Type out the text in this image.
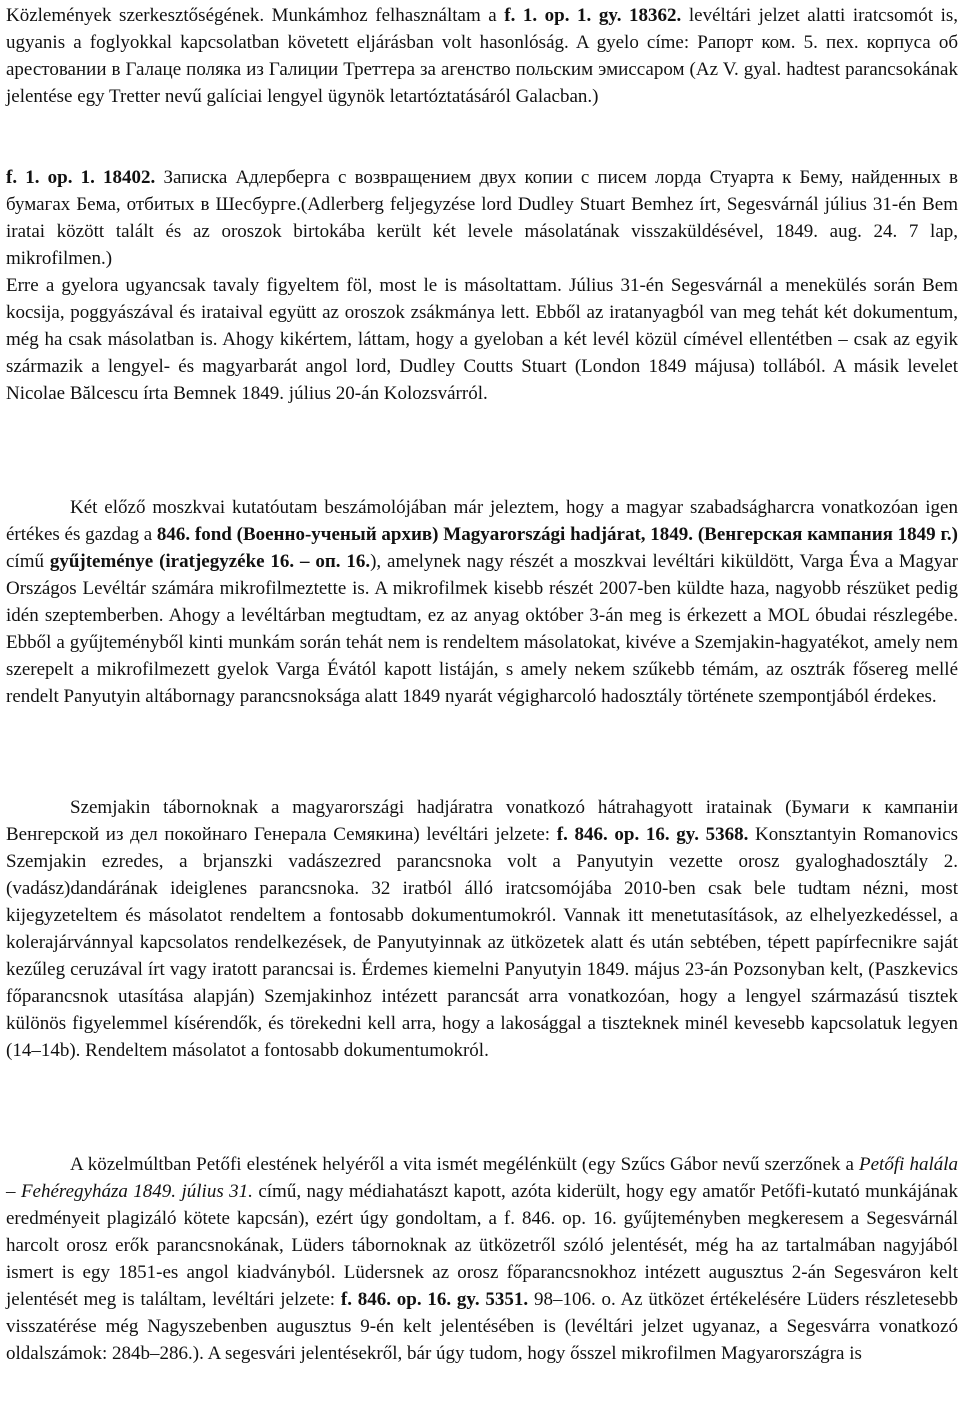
Közlemények szerkesztőségének. Munkámhoz felhasználtam a f. 1. op. 1. gy. 18362. levéltári jelzet alatti iratcsomót is, ugyanis a foglyokkal kapcsolatban követett eljárásban volt hasonlóság. A gyelo címe: Рапорт ком. 5. пех. корпуса об арестовании в Галаце поляка из Галиции Треттера за агенство польским эмиссаром (Az V. gyal. hadtest parancsokának jelentése egy Tretter nevű galíciai lengyel ügynök letartóztatásáról Galacban.)
f. 1. op. 1. 18402. Записка Адлерберга с возвращением двух копии с писем лорда Стуарта к Бему, найденных в бумагах Бема, отбитых в Шесбурге.(Adlerberg feljegyzése lord Dudley Stuart Bemhez írt, Segesvárnál július 31-én Bem iratai között talált és az oroszok birtokába került két levele másolatának visszaküldésével, 1849. aug. 24. 7 lap, mikrofilmen.)
Erre a gyelora ugyancsak tavaly figyeltem föl, most le is másoltattam. Július 31-én Segesvárnál a menekülés során Bem kocsija, poggyászával és irataival együtt az oroszok zsákmánya lett. Ebből az iratanyagból van meg tehát két dokumentum, még ha csak másolatban is. Ahogy kikértem, láttam, hogy a gyeloban a két levél közül címével ellentétben – csak az egyik származik a lengyel- és magyarbarát angol lord, Dudley Coutts Stuart (London 1849 májusa) tollából. A másik levelet Nicolae Bălcescu írta Bemnek 1849. július 20-án Kolozsvárról.
Két előző moszkvai kutatóutam beszámolójában már jeleztem, hogy a magyar szabadságharcra vonatkozóan igen értékes és gazdag a 846. fond (Военно-ученый архив) Magyarországi hadjárat, 1849. (Венгерская кампания 1849 г.) című gyűjteménye (iratjegyzéke 16. – оп. 16.), amelynek nagy részét a moszkvai levéltári kiküldött, Varga Éva a Magyar Országos Levéltár számára mikrofilmeztette is. A mikrofilmek kisebb részét 2007-ben küldte haza, nagyobb részüket pedig idén szeptemberben. Ahogy a levéltárban megtudtam, ez az anyag október 3-án meg is érkezett a MOL óbudai részlegébe. Ebből a gyűjteményből kinti munkám során tehát nem is rendeltem másolatokat, kivéve a Szemjakin-hagyatékot, amely nem szerepelt a mikrofilmezett gyelok Varga Évától kapott listáján, s amely nekem szűkebb témám, az osztrák fősereg mellé rendelt Panyutyin altábornagy parancsnoksága alatt 1849 nyarát végigharcoló hadosztály története szempontjából érdekes.
Szemjakin tábornoknak a magyarországi hadjáratra vonatkozó hátrahagyott iratainak (Бумаги к кампаніи Венгерской из дел покойнаго Генерала Семякина) levéltári jelzete: f. 846. op. 16. gy. 5368. Konsztantyin Romanovics Szemjakin ezredes, a brjanszki vadászezred parancsnoka volt a Panyutyin vezette orosz gyaloghadosztály 2. (vadász)dandárának ideiglenes parancsnoka. 32 iratból álló iratcsomójába 2010-ben csak bele tudtam nézni, most kijegyzeteltem és másolatot rendeltem a fontosabb dokumentumokról. Vannak itt menetutasítások, az elhelyezkedéssel, a kolerajárvánnyal kapcsolatos rendelkezések, de Panyutyinnak az ütközetek alatt és után sebtében, tépett papírfecnikre saját kezűleg ceruzával írt vagy iratott parancsai is. Érdemes kiemelni Panyutyin 1849. május 23-án Pozsonyban kelt, (Paszkevics főparancsnok utasítása alapján) Szemjakinhoz intézett parancsát arra vonatkozóan, hogy a lengyel származású tisztek különös figyelemmel kísérendők, és törekedni kell arra, hogy a lakosággal a tiszteknek minél kevesebb kapcsolatuk legyen (14–14b). Rendeltem másolatot a fontosabb dokumentumokról.
A közelmúltban Petőfi elestének helyéről a vita ismét megélénkült (egy Szűcs Gábor nevű szerzőnek a Petőfi halála – Fehéregyháza 1849. július 31. című, nagy médiahatászt kapott, azóta kiderült, hogy egy amatőr Petőfi-kutató munkájának eredményeit plagizáló kötete kapcsán), ezért úgy gondoltam, a f. 846. op. 16. gyűjteményben megkeresem a Segesvárnál harcolt orosz erők parancsnokának, Lüders tábornoknak az ütközetről szóló jelentését, még ha az tartalmában nagyjából ismert is egy 1851-es angol kiadványból. Lüdersnek az orosz főparancsnokhoz intézett augusztus 2-án Segesváron kelt jelentését meg is találtam, levéltári jelzete: f. 846. op. 16. gy. 5351. 98–106. o. Az ütközet értékelésére Lüders részletesebb visszatérése még Nagyszebenben augusztus 9-én kelt jelentésében is (levéltári jelzet ugyanaz, a Segesvárra vonatkozó oldalszámok: 284b–286.). A segesvári jelentésekről, bár úgy tudom, hogy ősszel mikrofilmen Magyarországra is
